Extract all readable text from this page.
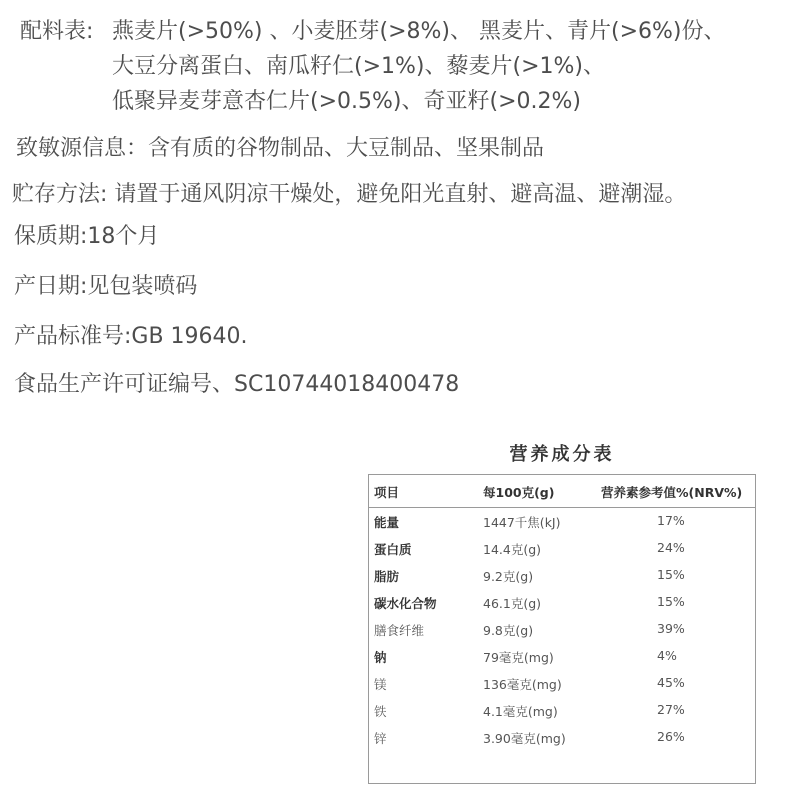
配料表: 燕麦片(>50%) 、小麦胚芽(>8%)、 黑麦片、青片(>6%)份、
大豆分离蛋白、南瓜籽仁(>1%)、藜麦片(>1%)、
低聚异麦芽意杏仁片(>0.5%)、奇亚籽(>0.2%)
致敏源信息：含有质的谷物制品、大豆制品、坚果制品
贮存方法: 请置于通风阴凉干燥处，避免阳光直射、避高温、避潮湿。
保质期:18个月
产日期:见包装喷码
产品标准号:GB 19640.
食品生产许可证编号、SC10744018400478
营养成分表
项目	每100克(g)	营养素参考值%(NRV%)
能量	1447千焦(kJ)	17%
蛋白质	14.4克(g)	24%
脂肪	9.2克(g)	15%
碳水化合物	46.1克(g)	15%
膳食纤维	9.8克(g)	39%
钠	79毫克(mg)	4%
镁	136毫克(mg)	45%
铁	4.1毫克(mg)	27%
锌	3.90毫克(mg)	26%
